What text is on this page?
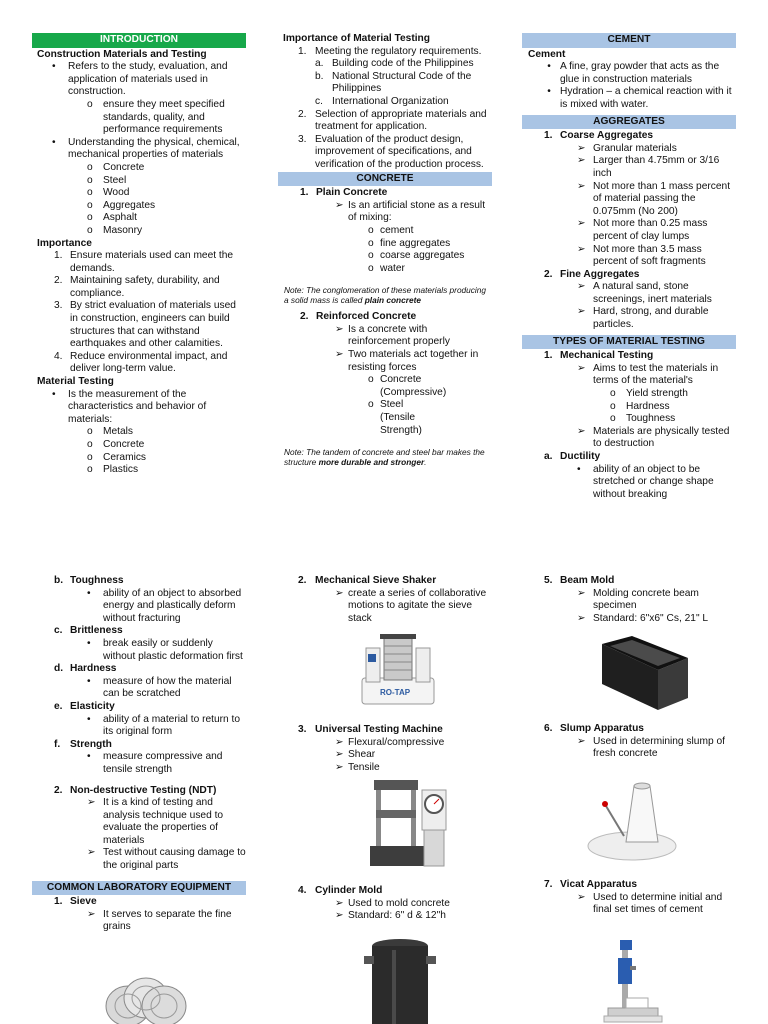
INTRODUCTION
Construction Materials and Testing
•	Refers to the study, evaluation, and application of materials used in construction.
o	ensure they meet specified standards, quality, and performance requirements
•	Understanding the physical, chemical, mechanical properties of materials
o	Concrete
o	Steel
o	Wood
o	Aggregates
o	Asphalt
o	Masonry
Importance
1. Ensure materials used can meet the demands.
2. Maintaining safety, durability, and compliance.
3. By strict evaluation of materials used in construction, engineers can build structures that can withstand earthquakes and other calamities.
4. Reduce environmental impact, and deliver long-term value.
Material Testing
•	Is the measurement of the characteristics and behavior of materials:
o	Metals
o	Concrete
o	Ceramics
o	Plastics
Importance of Material Testing
1. Meeting the regulatory requirements.
a. Building code of the Philippines
b. National Structural Code of the Philippines
c. International Organization
2. Selection of appropriate materials and treatment for application.
3. Evaluation of the product design, improvement of specifications, and verification of the production process.
CONCRETE
1. Plain Concrete
➢ Is an artificial stone as a result of mixing:
o cement
o fine aggregates
o coarse aggregates
o water
Note: The conglomeration of these materials producing a solid mass is called plain concrete
2. Reinforced Concrete
➢ Is a concrete with reinforcement properly
➢ Two materials act together in resisting forces
o Concrete (Compressive)
o Steel (Tensile Strength)
Note: The tandem of concrete and steel bar makes the structure more durable and stronger.
CEMENT
Cement
• A fine, gray powder that acts as the glue in construction materials
• Hydration – a chemical reaction with it is mixed with water.
AGGREGATES
1. Coarse Aggregates
➢ Granular materials
➢ Larger than 4.75mm or 3/16 inch
➢ Not more than 1 mass percent of material passing the 0.075mm (No 200)
➢ Not more than 0.25 mass percent of clay lumps
➢ Not more than 3.5 mass percent of soft fragments
2. Fine Aggregates
➢ A natural sand, stone screenings, inert materials
➢ Hard, strong, and durable particles.
TYPES OF MATERIAL TESTING
1. Mechanical Testing
➢ Aims to test the materials in terms of the material's
o	Yield strength
o	Hardness
o	Toughness
➢ Materials are physically tested to destruction
a. Ductility
•	ability of an object to be stretched or change shape without breaking
b. Toughness
•	ability of an object to absorbed energy and plastically deform without fracturing
c. Brittleness
•	break easily or suddenly without plastic deformation first
d. Hardness
•	measure of how the material can be scratched
e. Elasticity
•	ability of a material to return to its original form
f. Strength
•	measure compressive and tensile strength
2. Non-destructive Testing (NDT)
➢ It is a kind of testing and analysis technique used to evaluate the properties of materials
➢ Test without causing damage to the original parts
COMMON LABORATORY EQUIPMENT
1. Sieve
➢ It serves to separate the fine grains
2. Mechanical Sieve Shaker
➢ create a series of collaborative motions to agitate the sieve stack
RO-TAP
3. Universal Testing Machine
➢ Flexural/compressive
➢ Shear
➢ Tensile
4. Cylinder Mold
➢ Used to mold concrete
➢ Standard: 6" d & 12"h
5. Beam Mold
➢ Molding concrete beam specimen
➢ Standard: 6"x6" Cs, 21" L
6. Slump Apparatus
➢ Used in determining slump of fresh concrete
7. Vicat Apparatus
➢ Used to determine initial and final set times of cement
